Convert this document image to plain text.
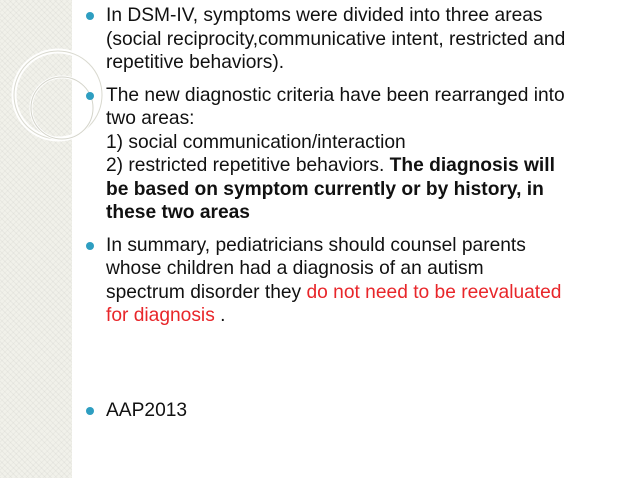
In DSM-IV, symptoms were divided into three areas
(social reciprocity,communicative intent, restricted and
repetitive behaviors).
The new diagnostic criteria have been rearranged into
two areas:
1) social communication/interaction
2) restricted repetitive behaviors. The diagnosis will
be based on symptom currently or by history, in
these two areas
In summary, pediatricians should counsel parents
whose children had a diagnosis of an autism
spectrum disorder they do not need to be reevaluated
for diagnosis .
AAP2013
